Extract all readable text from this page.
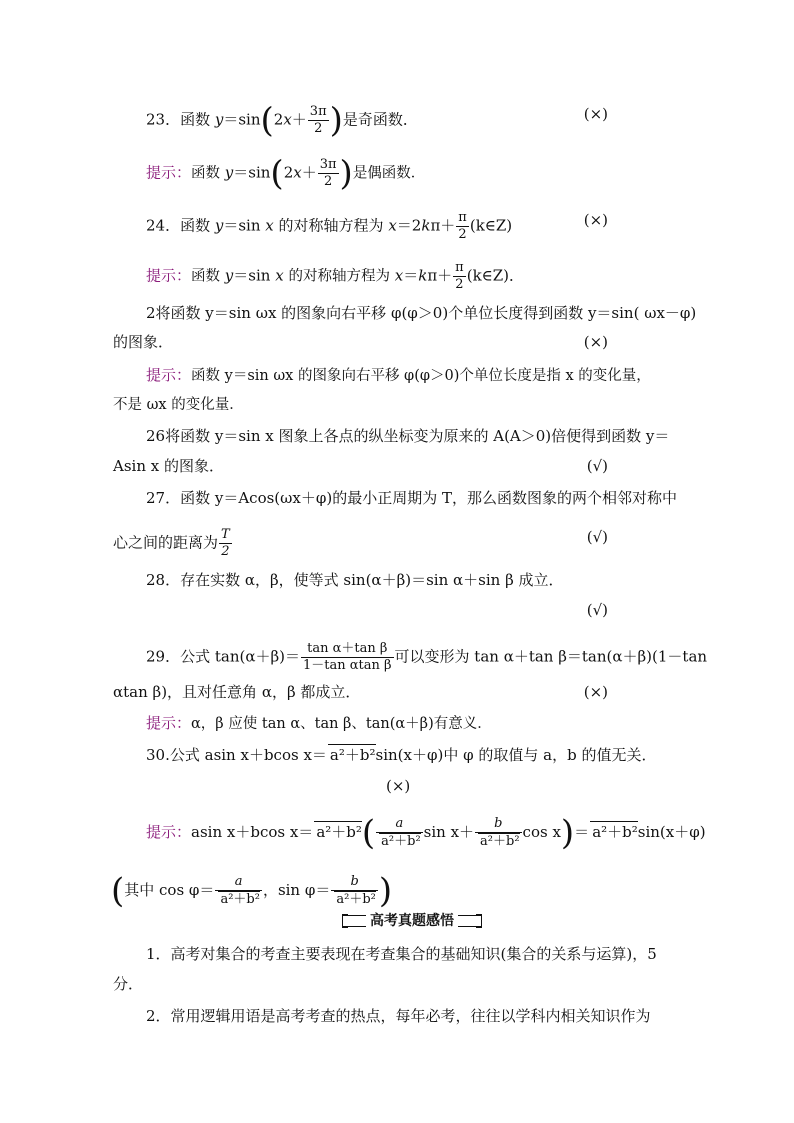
23．函数 $y=\sin(2x+ \frac{3\pi}{2}$ )是奇函数．	(×)
提示：函数 $y=\sin(2x+ \frac{3\pi}{2}$ )是偶函数．
24．函数 y＝sin x 的对称轴方程为 $x=2k\pi+ \frac{\pi}{2}$ (k∈Z)	(×)
提示：函数 y＝sin x 的对称轴方程为 $x=k\pi+ \frac{\pi}{2}$ (k∈Z)．
2将函数 y＝sin ωx 的图象向右平移 φ(φ＞0)个单位长度得到函数 y＝sin( ωx－φ)
的图象．	(×)
提示：函数 y＝sin ωx 的图象向右平移 φ(φ＞0)个单位长度是指 x 的变化量，
不是 ωx 的变化量．
26将函数 y＝sin x 图象上各点的纵坐标变为原来的 A(A＞0)倍便得到函数 y＝
Asin x 的图象．	(√)
27．函数 y＝Acos(ωx＋φ)的最小正周期为 T，那么函数图象的两个相邻对称中
心之间的距离为 $\frac{T}{2}$	(√)
28．存在实数 α，β，使等式 sin(α＋β)＝sin α＋sin β 成立．
(√)
29．公式 $\tan(\alpha+\beta)= \frac{\text{tan α＋tan β}}{\text{1－tan αtan β}}$ 可以变形为 tan α＋tan β＝tan(α＋β)(1－tan
αtan β)，且对任意角 α，β 都成立．	(×)
提示：α，β 应使 tan α、tan β、tan(α＋β)有意义．
30.公式 asin x＋bcos x＝ a²＋b²sin(x＋φ)中 φ 的取值与 a，b 的值无关．
(×)
提示：asin x＋bcos $x= a^2+b^2( \frac{a}{\text{a²＋b²}}$ $\sin x+ \frac{b}{\text{a²＋b²}}$ cos x)＝ a²＋b²sin(x＋φ)
(其中 $\cos \varphi= \frac{a}{\text{a²＋b²}}$ ，$\sin \varphi= \frac{b}{\text{a²＋b²}}$ )
高考真题感悟
1．高考对集合的考查主要表现在考查集合的基础知识(集合的关系与运算)，5
分．
2．常用逻辑用语是高考考查的热点，每年必考，往往以学科内相关知识作为
